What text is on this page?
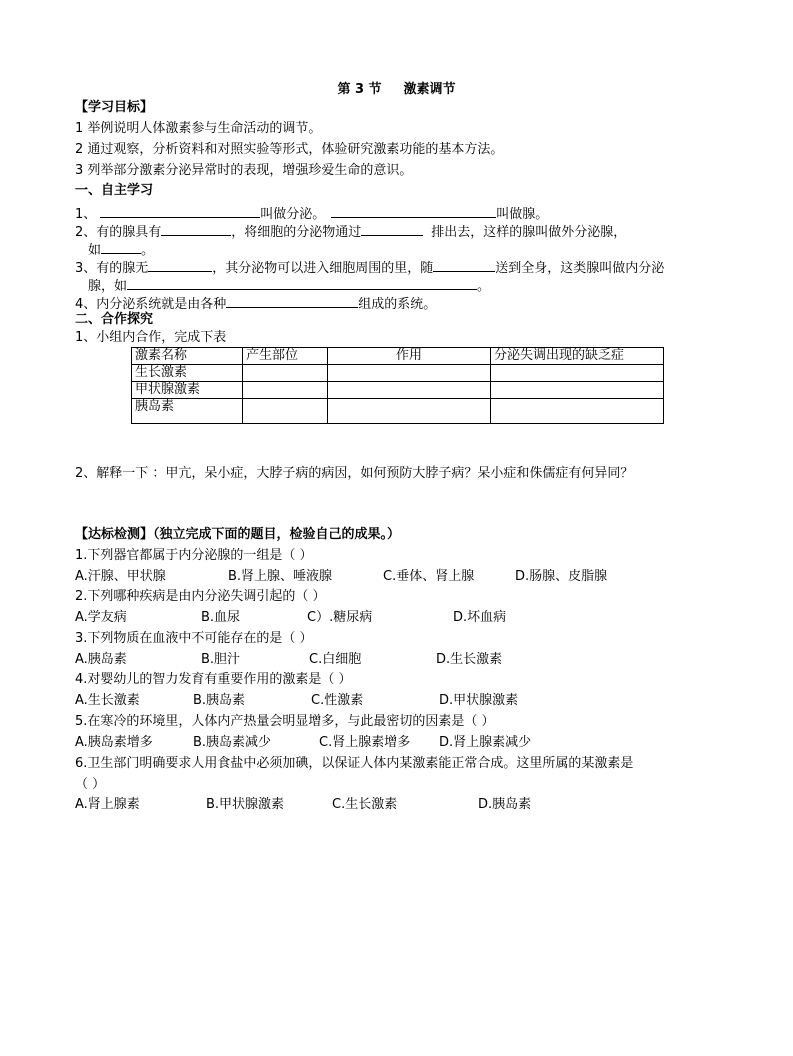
第 3 节 激素调节
【学习目标】
1 举例说明人体激素参与生命活动的调节。
2 通过观察，分析资料和对照实验等形式，体验研究激素功能的基本方法。
3 列举部分激素分泌异常时的表现，增强珍爱生命的意识。
一、自主学习
1、	叫做分泌。	叫做腺。
2、有的腺具有	，将细胞的分泌物通过	排出去，这样的腺叫做外分泌腺，
如	。
3、有的腺无	，其分泌物可以进入细胞周围的里，随	送到全身，这类腺叫做内分泌
腺，如	。
4、内分泌系统就是由各种	组成的系统。
二、合作探究
1、小组内合作，完成下表
激素名称	产生部位	作用	分泌失调出现的缺乏症
生长激素			
甲状腺激素			
胰岛素			
2、解释一下 ：甲亢，呆小症，大脖子病的病因，如何预防大脖子病？呆小症和侏儒症有何异同？
【达标检测】（独立完成下面的题目，检验自己的成果。）
1.下列器官都属于内分泌腺的一组是（ ）
A.汗腺、甲状腺	B.肾上腺、唾液腺	C.垂体、肾上腺	D.肠腺、皮脂腺
2.下列哪种疾病是由内分泌失调引起的（ ）
A.学友病	B.血尿	C）.糖尿病	D.坏血病
3.下列物质在血液中不可能存在的是（ ）
A.胰岛素	B.胆汁	C.白细胞	D.生长激素
4.对婴幼儿的智力发育有重要作用的激素是（ ）
A.生长激素	B.胰岛素	C.性激素	D.甲状腺激素
5.在寒冷的环境里，人体内产热量会明显增多，与此最密切的因素是（ ）
A.胰岛素增多	B.胰岛素减少	C.肾上腺素增多 D.肾上腺素减少
6.卫生部门明确要求人用食盐中必须加碘，以保证人体内某激素能正常合成。这里所属的某激素是
（ ）
A.肾上腺素	B.甲状腺激素	C.生长激素	D.胰岛素
